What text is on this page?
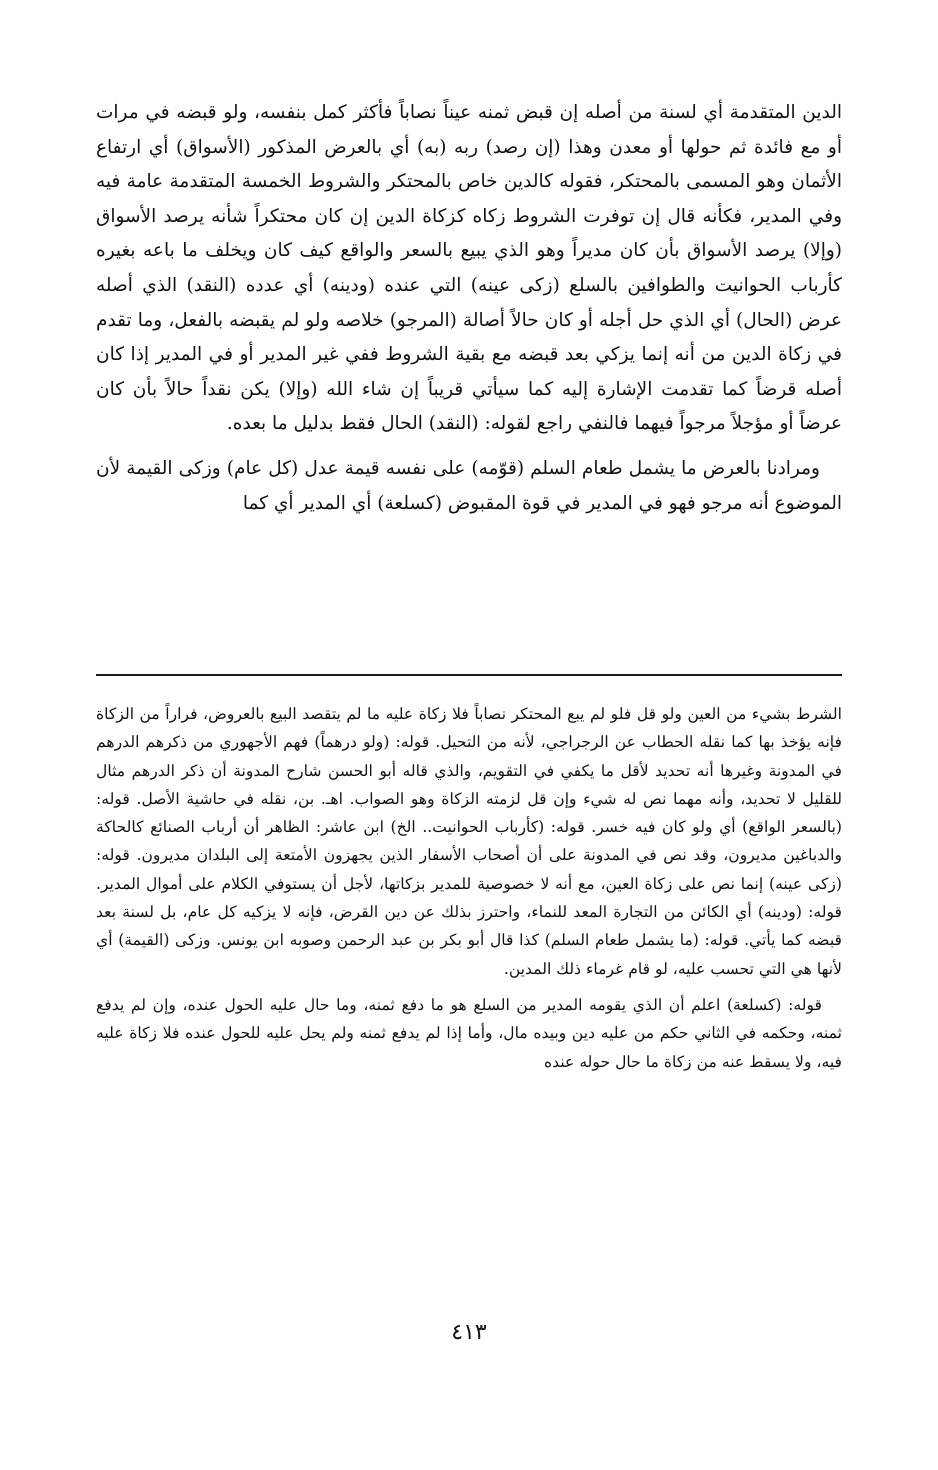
الدين المتقدمة أي لسنة من أصله إن قبض ثمنه عيناً نصاباً فأكثر كمل بنفسه، ولو قبضه في مرات أو مع فائدة ثم حولها أو معدن وهذا (إن رصد) ربه (به) أي بالعرض المذكور (الأسواق) أي ارتفاع الأثمان وهو المسمى بالمحتكر، فقوله كالدين خاص بالمحتكر والشروط الخمسة المتقدمة عامة فيه وفي المدير، فكأنه قال إن توفرت الشروط زكاه كزكاة الدين إن كان محتكراً شأنه يرصد الأسواق (وإلا) يرصد الأسواق بأن كان مديراً وهو الذي يبيع بالسعر والواقع كيف كان ويخلف ما باعه بغيره كأرباب الحوانيت والطوافين بالسلع (زكى عينه) التي عنده (ودينه) أي عدده (النقد) الذي أصله عرض (الحال) أي الذي حل أجله أو كان حالاً أصالة (المرجو) خلاصه ولو لم يقبضه بالفعل، وما تقدم في زكاة الدين من أنه إنما يزكي بعد قبضه مع بقية الشروط ففي غير المدير أو في المدير إذا كان أصله قرضاً كما تقدمت الإشارة إليه كما سيأتي قريباً إن شاء الله (وإلا) يكن نقداً حالاً بأن كان عرضاً أو مؤجلاً مرجواً فيهما فالنفي راجع لقوله: (النقد) الحال فقط بدليل ما بعده.

ومرادنا بالعرض ما يشمل طعام السلم (قوّمه) على نفسه قيمة عدل (كل عام) وزكى القيمة لأن الموضوع أنه مرجو فهو في المدير في قوة المقبوض (كسلعة) أي المدير أي كما

الشرط بشيء من العين ولو قل فلو لم يبع المحتكر نصاباً فلا زكاة عليه ما لم يتقصد البيع بالعروض، فراراً من الزكاة فإنه يؤخذ بها كما نقله الحطاب عن الرجراجي، لأنه من التحيل. قوله: (ولو درهماً) فهم الأجهوري من ذكرهم الدرهم في المدونة وغيرها أنه تحديد لأقل ما يكفي في التقويم، والذي قاله أبو الحسن شارح المدونة أن ذكر الدرهم مثال للقليل لا تحديد، وأنه مهما نص له شيء وإن قل لزمته الزكاة وهو الصواب. اهـ. بن، نقله في حاشية الأصل. قوله: (بالسعر الواقع) أي ولو كان فيه خسر. قوله: (كأرباب الحوانيت.. الخ) ابن عاشر: الظاهر أن أرباب الصنائع كالحاكة والدباغين مديرون، وقد نص في المدونة على أن أصحاب الأسفار الذين يجهزون الأمتعة إلى البلدان مديرون. قوله: (زكى عينه) إنما نص على زكاة العين، مع أنه لا خصوصية للمدير بزكاتها، لأجل أن يستوفي الكلام على أموال المدير. قوله: (ودينه) أي الكائن من التجارة المعد للنماء، واحترز بذلك عن دين القرض، فإنه لا يزكيه كل عام، بل لسنة بعد قبضه كما يأتي. قوله: (ما يشمل طعام السلم) كذا قال أبو بكر بن عبد الرحمن وصوبه ابن يونس. وزكى (القيمة) أي لأنها هي التي تحسب عليه، لو قام غرماء ذلك المدين.

قوله: (كسلعة) اعلم أن الذي يقومه المدير من السلع هو ما دفع ثمنه، وما حال عليه الحول عنده، وإن لم يدفع ثمنه، وحكمه في الثاني حكم من عليه دين وبيده مال، وأما إذا لم يدفع ثمنه ولم يحل عليه للحول عنده فلا زكاة عليه فيه، ولا يسقط عنه من زكاة ما حال حوله عنده

٤١٣
